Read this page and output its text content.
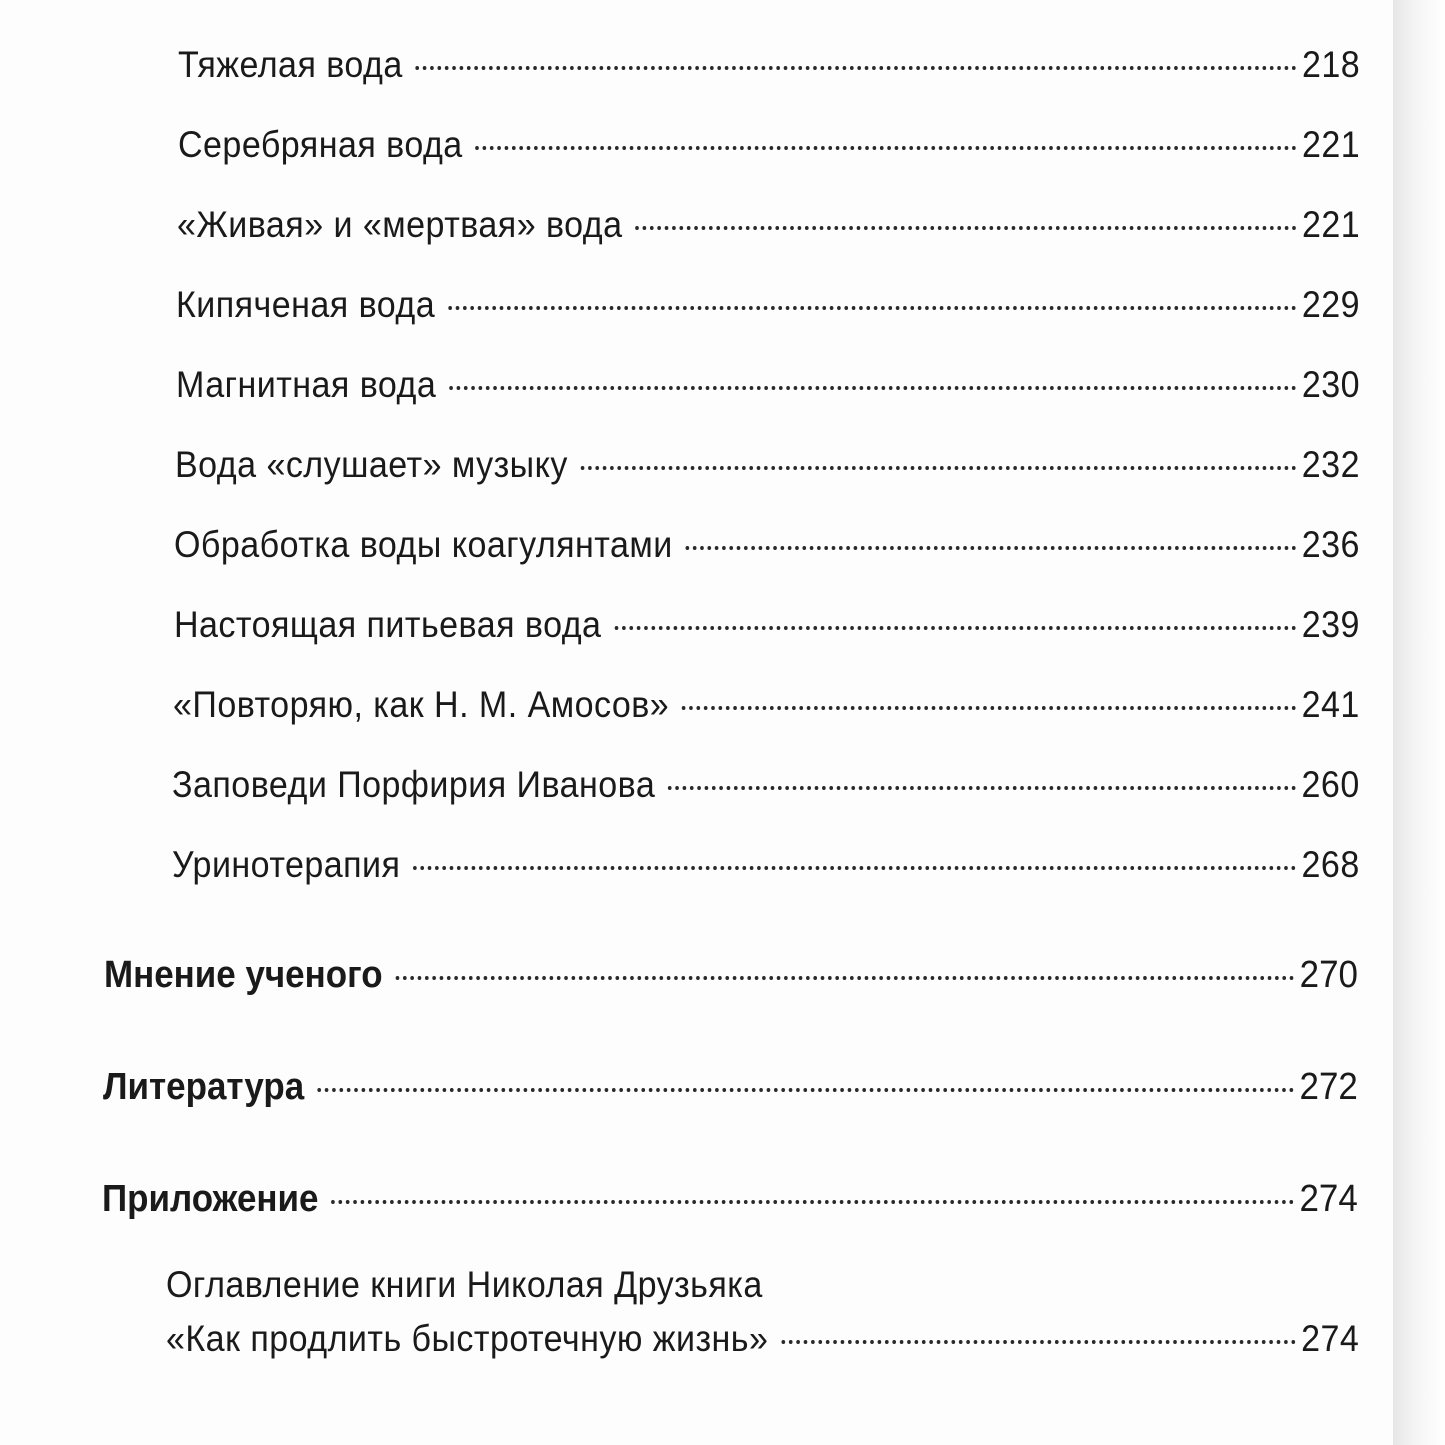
Тяжелая вода	218
Серебряная вода	221
«Живая» и «мертвая» вода	221
Кипяченая вода	229
Магнитная вода	230
Вода «слушает» музыку	232
Обработка воды коагулянтами	236
Настоящая питьевая вода	239
«Повторяю, как Н. М. Амосов»	241
Заповеди Порфирия Иванова	260
Уринотерапия	268
Мнение ученого	270
Литература	272
Приложение	274
Оглавление книги Николая Друзьяка
«Как продлить быстротечную жизнь»	274
